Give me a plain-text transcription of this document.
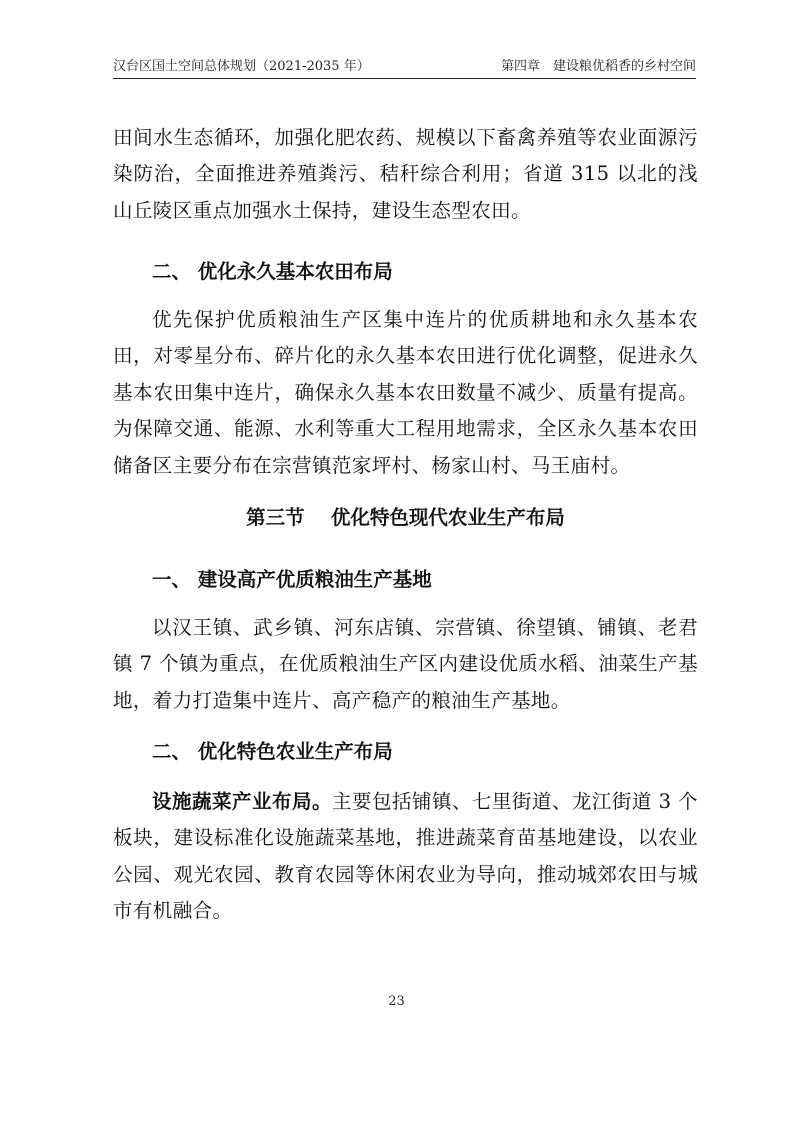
汉台区国土空间总体规划（2021-2035 年）	第四章　建设粮优稻香的乡村空间

田间水生态循环，加强化肥农药、规模以下畜禽养殖等农业面源污染防治，全面推进养殖粪污、秸秆综合利用；省道 315 以北的浅山丘陵区重点加强水土保持，建设生态型农田。

二、 优化永久基本农田布局

优先保护优质粮油生产区集中连片的优质耕地和永久基本农田，对零星分布、碎片化的永久基本农田进行优化调整，促进永久基本农田集中连片，确保永久基本农田数量不减少、质量有提高。为保障交通、能源、水利等重大工程用地需求，全区永久基本农田储备区主要分布在宗营镇范家坪村、杨家山村、马王庙村。

第三节　 优化特色现代农业生产布局
一、 建设高产优质粮油生产基地

以汉王镇、武乡镇、河东店镇、宗营镇、徐望镇、铺镇、老君镇 7 个镇为重点，在优质粮油生产区内建设优质水稻、油菜生产基地，着力打造集中连片、高产稳产的粮油生产基地。

二、 优化特色农业生产布局

设施蔬菜产业布局。主要包括铺镇、七里街道、龙江街道 3 个板块，建设标准化设施蔬菜基地，推进蔬菜育苗基地建设，以农业公园、观光农园、教育农园等休闲农业为导向，推动城郊农田与城市有机融合。

23
